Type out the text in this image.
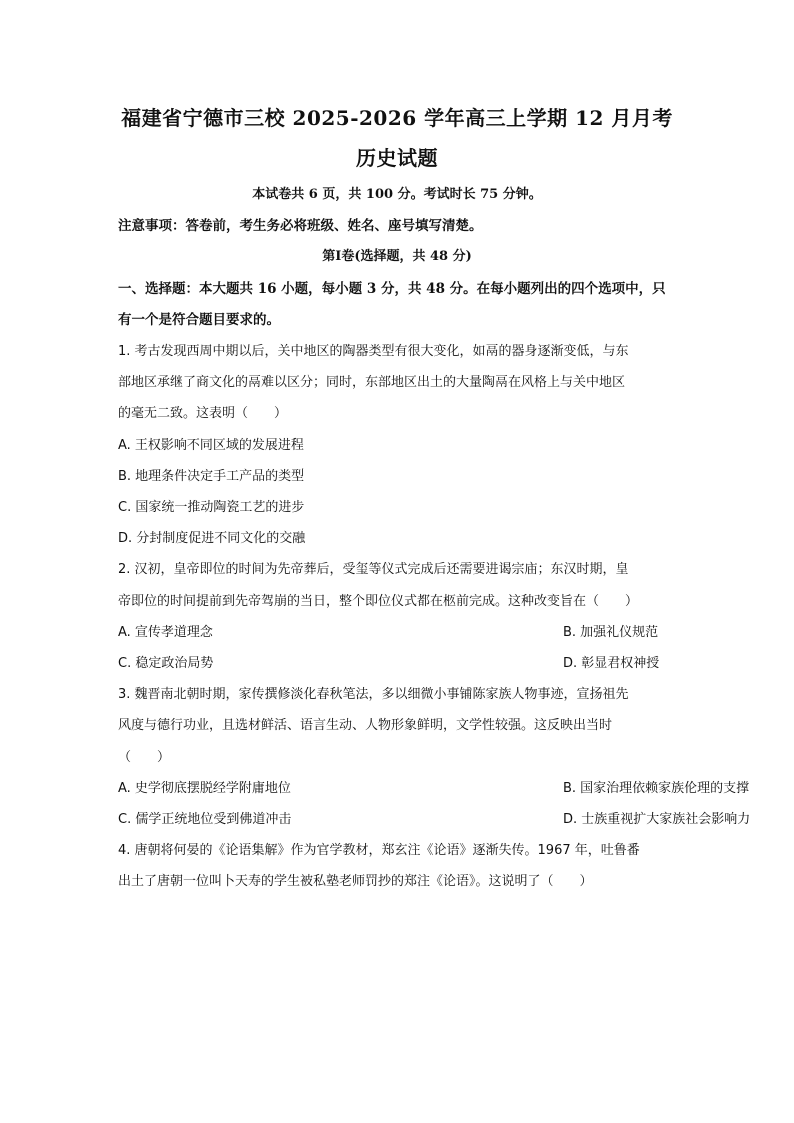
福建省宁德市三校 2025-2026 学年高三上学期 12 月月考
历史试题
本试卷共 6 页，共 100 分。考试时长 75 分钟。
注意事项：答卷前，考生务必将班级、姓名、座号填写清楚。
第Ⅰ卷(选择题，共 48 分)
一、选择题：本大题共 16 小题，每小题 3 分，共 48 分。在每小题列出的四个选项中，只
有一个是符合题目要求的。
1. 考古发现西周中期以后，关中地区的陶器类型有很大变化，如鬲的器身逐渐变低，与东
部地区承继了商文化的鬲难以区分；同时，东部地区出土的大量陶鬲在风格上与关中地区
的毫无二致。这表明（　　）
A. 王权影响不同区域的发展进程
B. 地理条件决定手工产品的类型
C. 国家统一推动陶瓷工艺的进步
D. 分封制度促进不同文化的交融
2. 汉初，皇帝即位的时间为先帝葬后，受玺等仪式完成后还需要进谒宗庙；东汉时期，皇
帝即位的时间提前到先帝驾崩的当日，整个即位仪式都在柩前完成。这种改变旨在（　　）
A. 宣传孝道理念	B. 加强礼仪规范
C. 稳定政治局势	D. 彰显君权神授
3. 魏晋南北朝时期，家传撰修淡化春秋笔法，多以细微小事铺陈家族人物事迹，宣扬祖先
风度与德行功业，且选材鲜活、语言生动、人物形象鲜明，文学性较强。这反映出当时
（　　）
A. 史学彻底摆脱经学附庸地位	B. 国家治理依赖家族伦理的支撑
C. 儒学正统地位受到佛道冲击	D. 士族重视扩大家族社会影响力
4. 唐朝将何晏的《论语集解》作为官学教材，郑玄注《论语》逐渐失传。1967 年，吐鲁番
出土了唐朝一位叫卜天寿的学生被私塾老师罚抄的郑注《论语》。这说明了（　　）
